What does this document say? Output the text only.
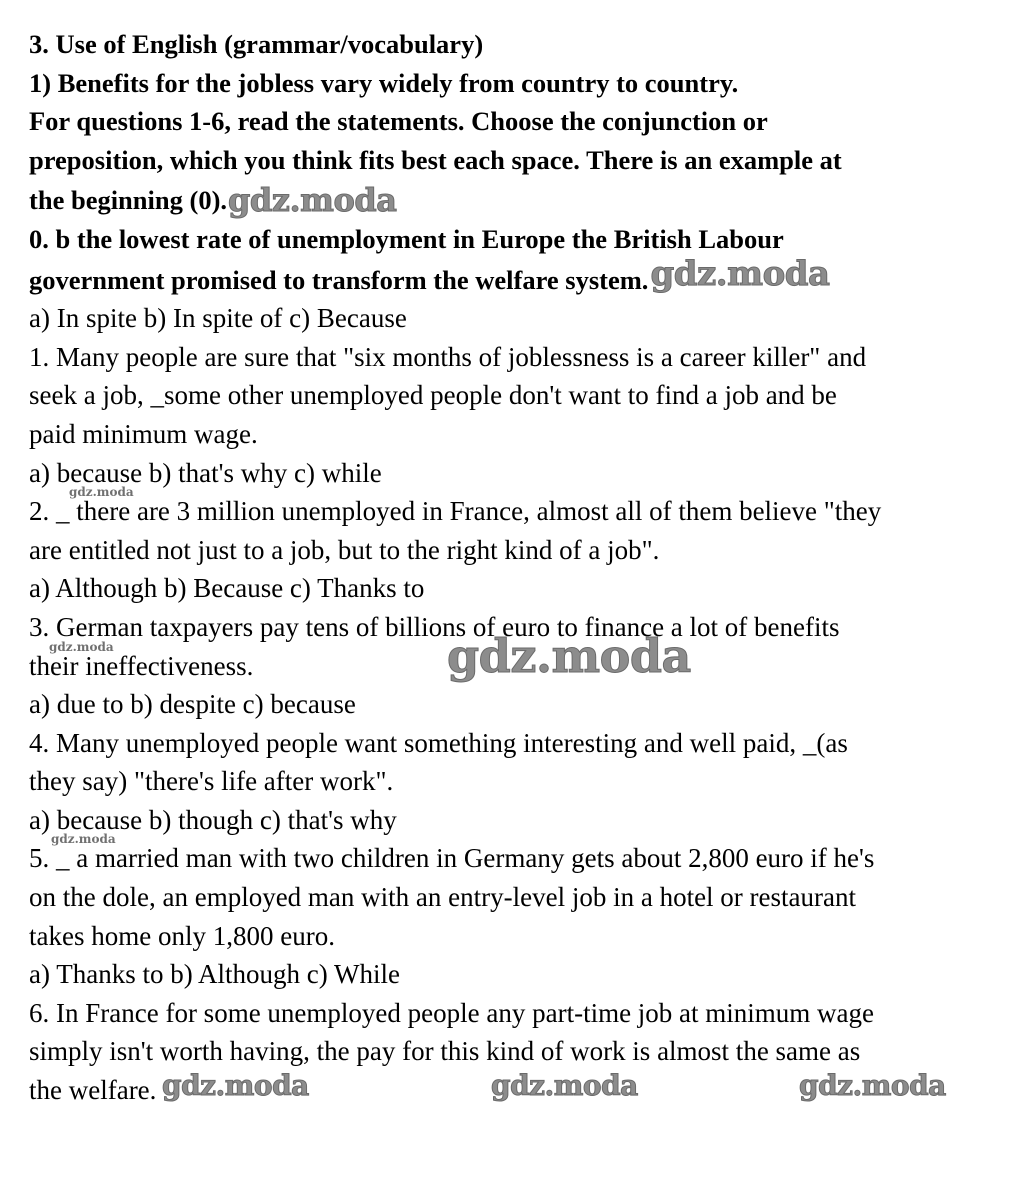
3. Use of English (grammar/vocabulary)
1) Benefits for the jobless vary widely from country to country.
For questions 1-6, read the statements. Choose the conjunction or
preposition, which you think fits best each space. There is an example at
the beginning (0).gdz.moda
0. b the lowest rate of unemployment in Europe the British Labour
government promised to transform the welfare system.gdz.moda
a) In spite b) In spite of c) Because
1. Many people are sure that "six months of joblessness is a career killer" and
seek a job, _some other unemployed people don't want to find a job and be
paid minimum wage.
a) because b) that's why c) while
gdz.moda
2. _ there are 3 million unemployed in France, almost all of them believe "they
are entitled not just to a job, but to the right kind of a job".
a) Although b) Because c) Thanks to
3. German taxpayers pay tens of billions of euro to finance a lot of benefits
gdz.moda
their ineffectiveness.	gdz.moda
a) due to b) despite c) because
4. Many unemployed people want something interesting and well paid, _(as
they say) "there's life after work".
a) because b) though c) that's why
gdz.moda
5. _ a married man with two children in Germany gets about 2,800 euro if he's
on the dole, an employed man with an entry-level job in a hotel or restaurant
takes home only 1,800 euro.
a) Thanks to b) Although c) While
6. In France for some unemployed people any part-time job at minimum wage
simply isn't worth having, the pay for this kind of work is almost the same as
the welfare. gdz.moda	gdz.moda	gdz.moda
